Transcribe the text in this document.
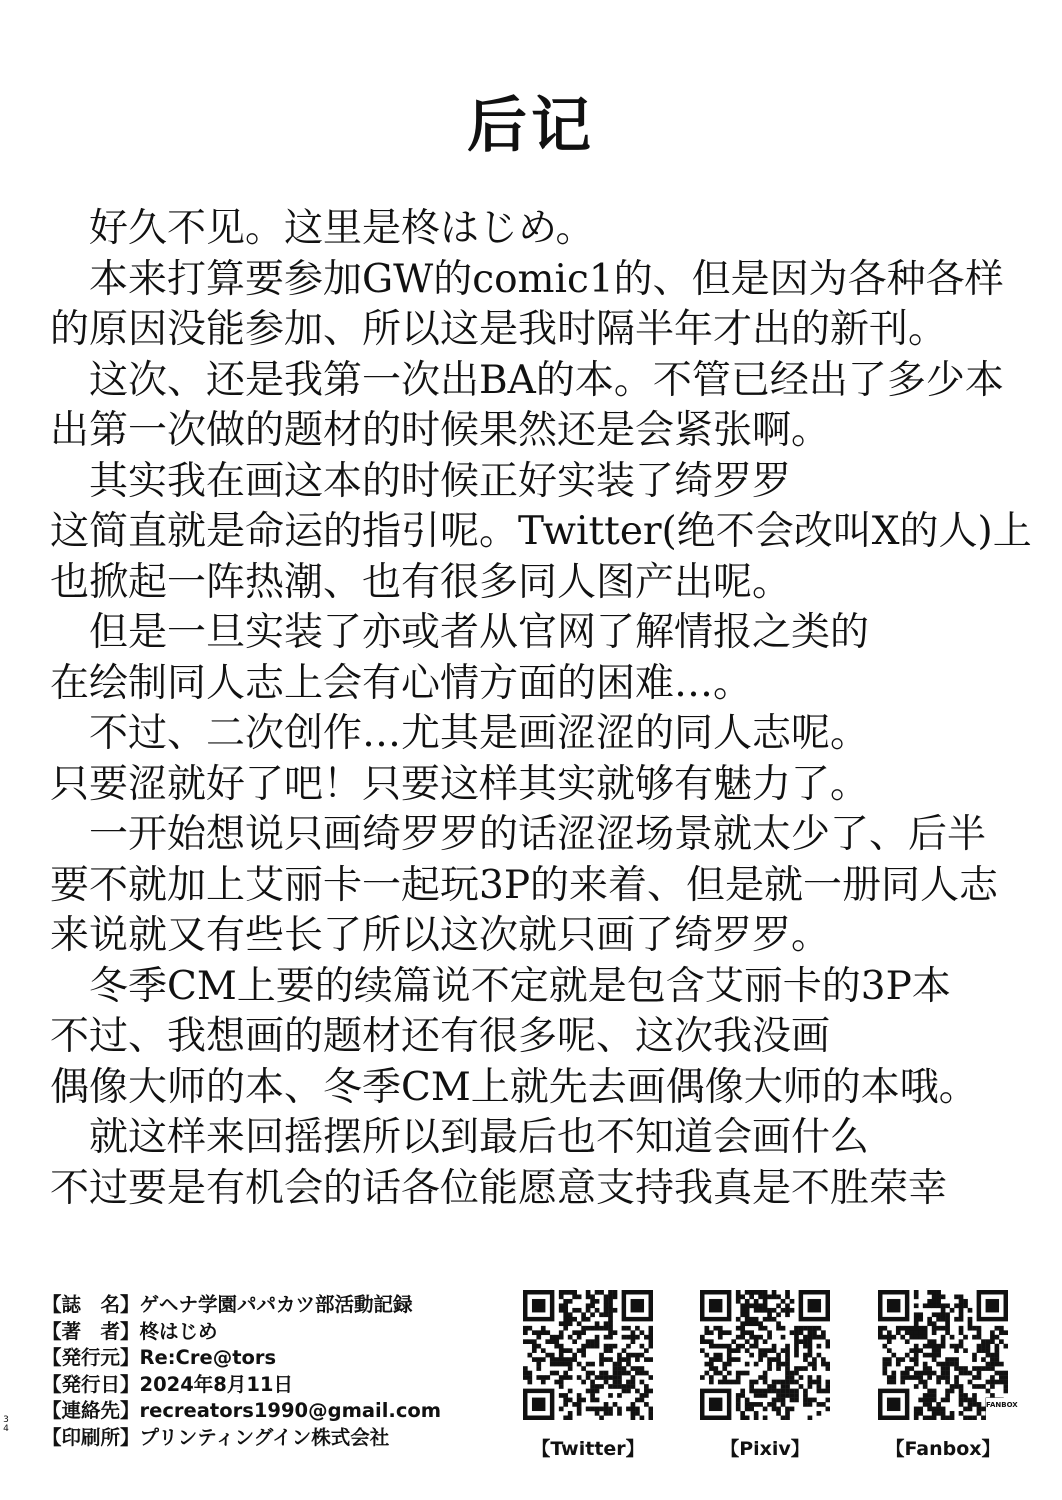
后记
　好久不见。这里是柊はじめ。
　本来打算要参加GW的comic1的、但是因为各种各样
的原因没能参加、所以这是我时隔半年才出的新刊。
　这次、还是我第一次出BA的本。不管已经出了多少本
出第一次做的题材的时候果然还是会紧张啊。
　其实我在画这本的时候正好实装了绮罗罗
这简直就是命运的指引呢。Twitter(绝不会改叫X的人)上
也掀起一阵热潮、也有很多同人图产出呢。
　但是一旦实装了亦或者从官网了解情报之类的
在绘制同人志上会有心情方面的困难…。
　不过、二次创作…尤其是画涩涩的同人志呢。
只要涩就好了吧！只要这样其实就够有魅力了。
　一开始想说只画绮罗罗的话涩涩场景就太少了、后半
要不就加上艾丽卡一起玩3P的来着、但是就一册同人志
来说就又有些长了所以这次就只画了绮罗罗。
　冬季CM上要的续篇说不定就是包含艾丽卡的3P本
不过、我想画的题材还有很多呢、这次我没画
偶像大师的本、冬季CM上就先去画偶像大师的本哦。
　就这样来回摇摆所以到最后也不知道会画什么
不过要是有机会的话各位能愿意支持我真是不胜荣幸
34
【誌　名】ゲヘナ学園パパカツ部活動記録
【著　者】柊はじめ
【発行元】Re:Cre@tors
【発行日】2024年8月11日
【連絡先】recreators1990@gmail.com
【印刷所】プリンティングイン株式会社
【Twitter】	【Pixiv】
FANBOX
【Fanbox】
